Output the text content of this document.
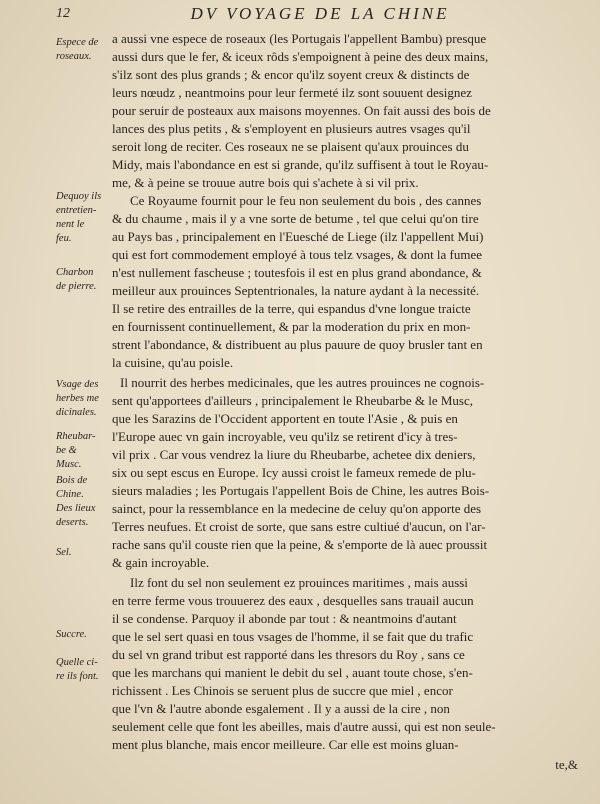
12	DV VOYAGE DE LA CHINE
Espece de
roseaux.
Dequoy ils
entretien-
nent le
feu.
Charbon
de pierre.
Vsage des
herbes me
dicinales.
Rheubar-
be &
Musc.
Bois de
Chine.
Des lieux
deserts.
Sel.
Succre.
Quelle ci-
re ils font.
a aussi vne espece de roseaux (les Portugais l'appellent Bambu) presque
aussi durs que le fer, & iceux rôds s'empoignent à peine des deux mains,
s'ilz sont des plus grands ; & encor qu'ilz soyent creux & distincts de
leurs nœudz , neantmoins pour leur fermeté ilz sont souuent designez
pour seruir de posteaux aux maisons moyennes. On fait aussi des bois de
lances des plus petits , & s'employent en plusieurs autres vsages qu'il
seroit long de reciter. Ces roseaux ne se plaisent qu'aux prouinces du
Midy, mais l'abondance en est si grande, qu'ilz suffisent à tout le Royau-
me, & à peine se trouue autre bois qui s'achete à si vil prix.
Ce Royaume fournit pour le feu non seulement du bois , des cannes
& du chaume , mais il y a vne sorte de betume , tel que celui qu'on tire
au Pays bas , principalement en l'Euesché de Liege (ilz l'appellent Mui)
qui est fort commodement employé à tous telz vsages, & dont la fumee
n'est nullement fascheuse ; toutesfois il est en plus grand abondance, &
meilleur aux prouinces Septentrionales, la nature aydant à la necessité.
Il se retire des entrailles de la terre, qui espandus d'vne longue traicte
en fournissent continuellement, & par la moderation du prix en mon-
strent l'abondance, & distribuent au plus pauure de quoy brusler tant en
la cuisine, qu'au poisle.
Il nourrit des herbes medicinales, que les autres prouinces ne cognois-
sent qu'apportees d'ailleurs , principalement le Rheubarbe & le Musc,
que les Sarazins de l'Occident apportent en toute l'Asie , & puis en
l'Europe auec vn gain incroyable, veu qu'ilz se retirent d'icy à tres-
vil prix . Car vous vendrez la liure du Rheubarbe, achetee dix deniers,
six ou sept escus en Europe. Icy aussi croist le fameux remede de plu-
sieurs maladies ; les Portugais l'appellent Bois de Chine, les autres Bois-
sainct, pour la ressemblance en la medecine de celuy qu'on apporte des
Terres neufues. Et croist de sorte, que sans estre cultiué d'aucun, on l'ar-
rache sans qu'il couste rien que la peine, & s'emporte de là auec proussit
& gain incroyable.
Ilz font du sel non seulement ez prouinces maritimes , mais aussi
en terre ferme vous trouuerez des eaux , desquelles sans trauail aucun
il se condense. Parquoy il abonde par tout : & neantmoins d'autant
que le sel sert quasi en tous vsages de l'homme, il se fait que du trafic
du sel vn grand tribut est rapporté dans les thresors du Roy , sans ce
que les marchans qui manient le debit du sel , auant toute chose, s'en-
richissent . Les Chinois se seruent plus de succre que miel , encor
que l'vn & l'autre abonde esgalement . Il y a aussi de la cire , non
seulement celle que font les abeilles, mais d'autre aussi, qui est non seule-
ment plus blanche, mais encor meilleure. Car elle est moins gluan-
te,&
